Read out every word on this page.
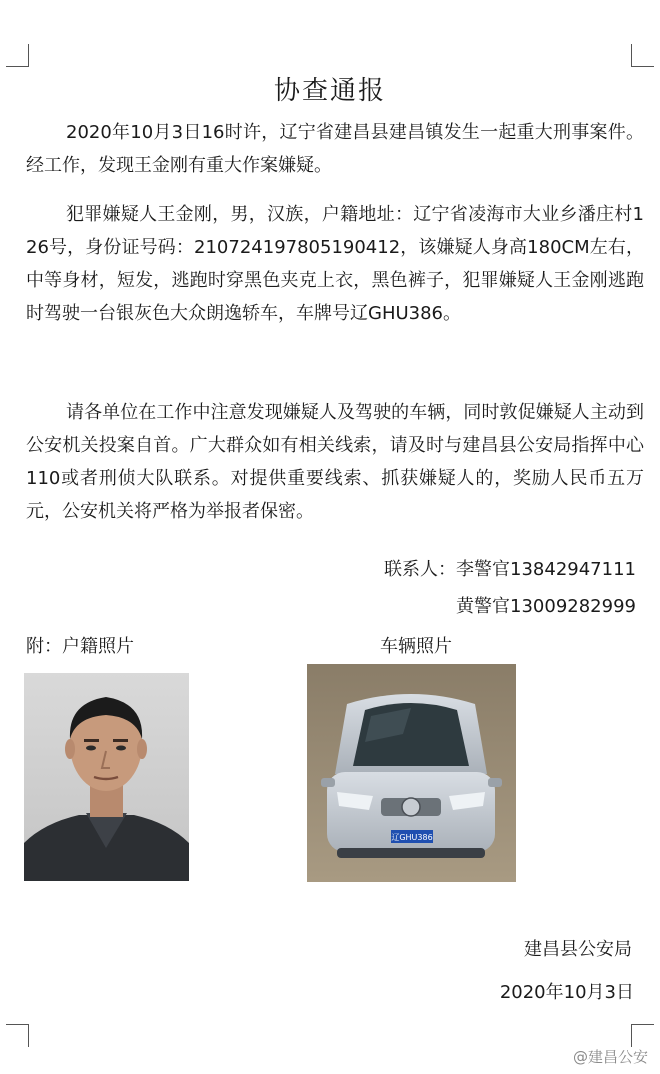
协查通报

2020年10月3日16时许，辽宁省建昌县建昌镇发生一起重大刑事案件。经工作，发现王金刚有重大作案嫌疑。

犯罪嫌疑人王金刚，男，汉族，户籍地址：辽宁省凌海市大业乡潘庄村126号，身份证号码：210724197805190412，该嫌疑人身高180CM左右，中等身材，短发，逃跑时穿黑色夹克上衣，黑色裤子，犯罪嫌疑人王金刚逃跑时驾驶一台银灰色大众朗逸轿车，车牌号辽GHU386。

请各单位在工作中注意发现嫌疑人及驾驶的车辆，同时敦促嫌疑人主动到公安机关投案自首。广大群众如有相关线索，请及时与建昌县公安局指挥中心110或者刑侦大队联系。对提供重要线索、抓获嫌疑人的，奖励人民币五万元，公安机关将严格为举报者保密。

联系人：李警官13842947111
黄警官13009282999
附：户籍照片	车辆照片
辽GHU386
建昌县公安局
2020年10月3日
@建昌公安
